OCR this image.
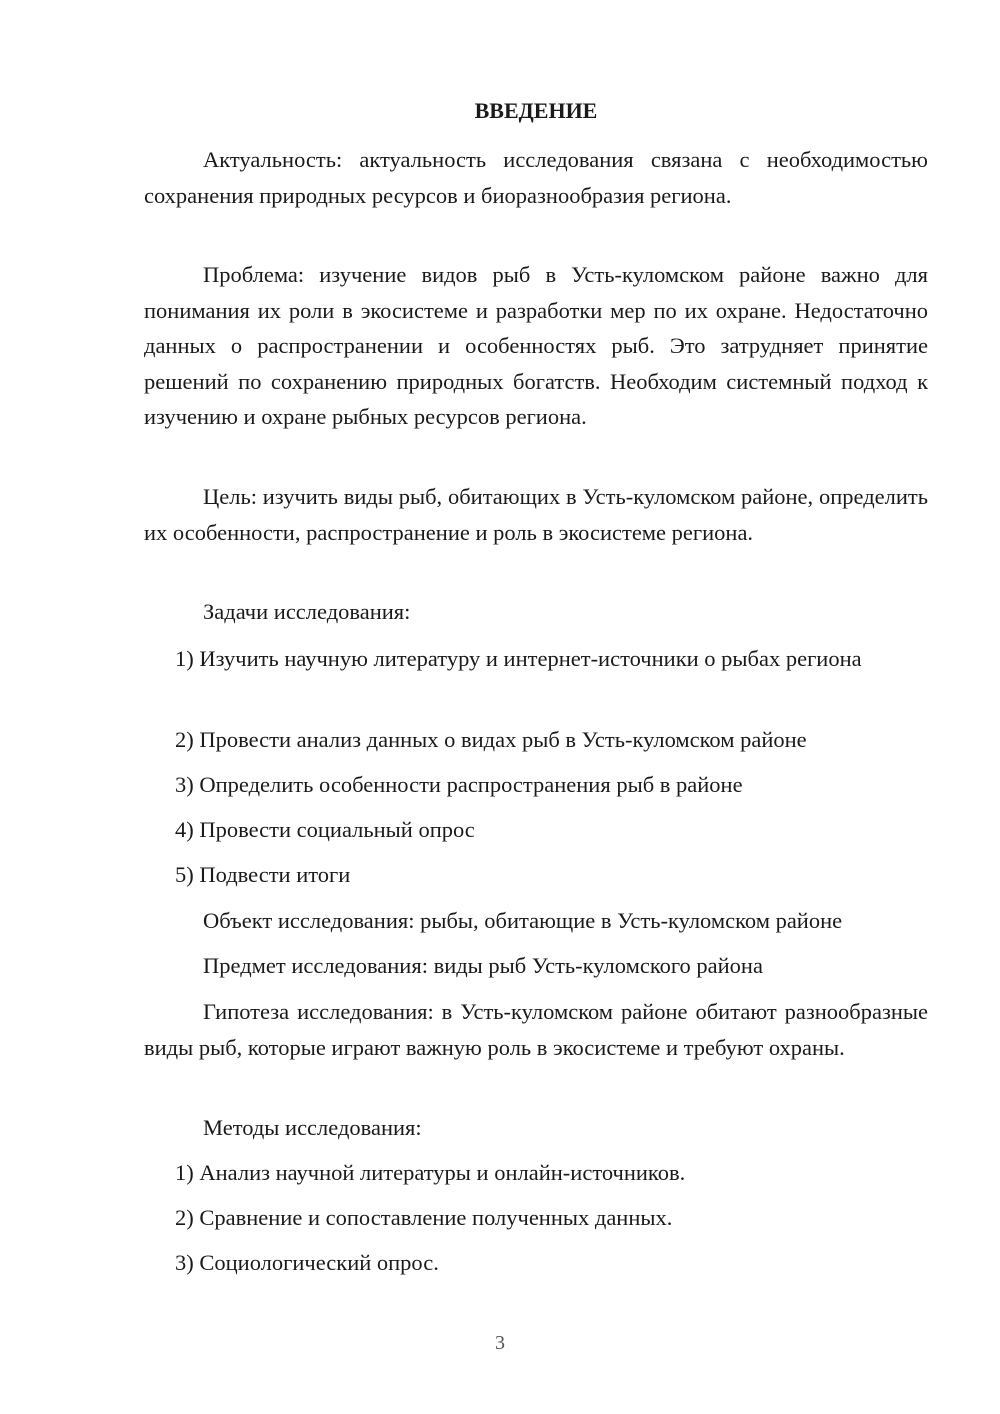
ВВЕДЕНИЕ

Актуальность: актуальность исследования связана с необходимостью сохранения природных ресурсов и биоразнообразия региона.

Проблема: изучение видов рыб в Усть-куломском районе важно для понимания их роли в экосистеме и разработки мер по их охране. Недостаточно данных о распространении и особенностях рыб. Это затрудняет принятие решений по сохранению природных богатств. Необходим системный подход к изучению и охране рыбных ресурсов региона.

Цель: изучить виды рыб, обитающих в Усть-куломском районе, определить их особенности, распространение и роль в экосистеме региона.

Задачи исследования:

1) Изучить научную литературу и интернет-источники о рыбах региона

2) Провести анализ данных о видах рыб в Усть-куломском районе

3) Определить особенности распространения рыб в районе

4) Провести социальный опрос

5) Подвести итоги

Объект исследования: рыбы, обитающие в Усть-куломском районе

Предмет исследования: виды рыб Усть-куломского района

Гипотеза исследования: в Усть-куломском районе обитают разнообразные виды рыб, которые играют важную роль в экосистеме и требуют охраны.

Методы исследования:

1) Анализ научной литературы и онлайн-источников.

2) Сравнение и сопоставление полученных данных.

3) Социологический опрос.

3
